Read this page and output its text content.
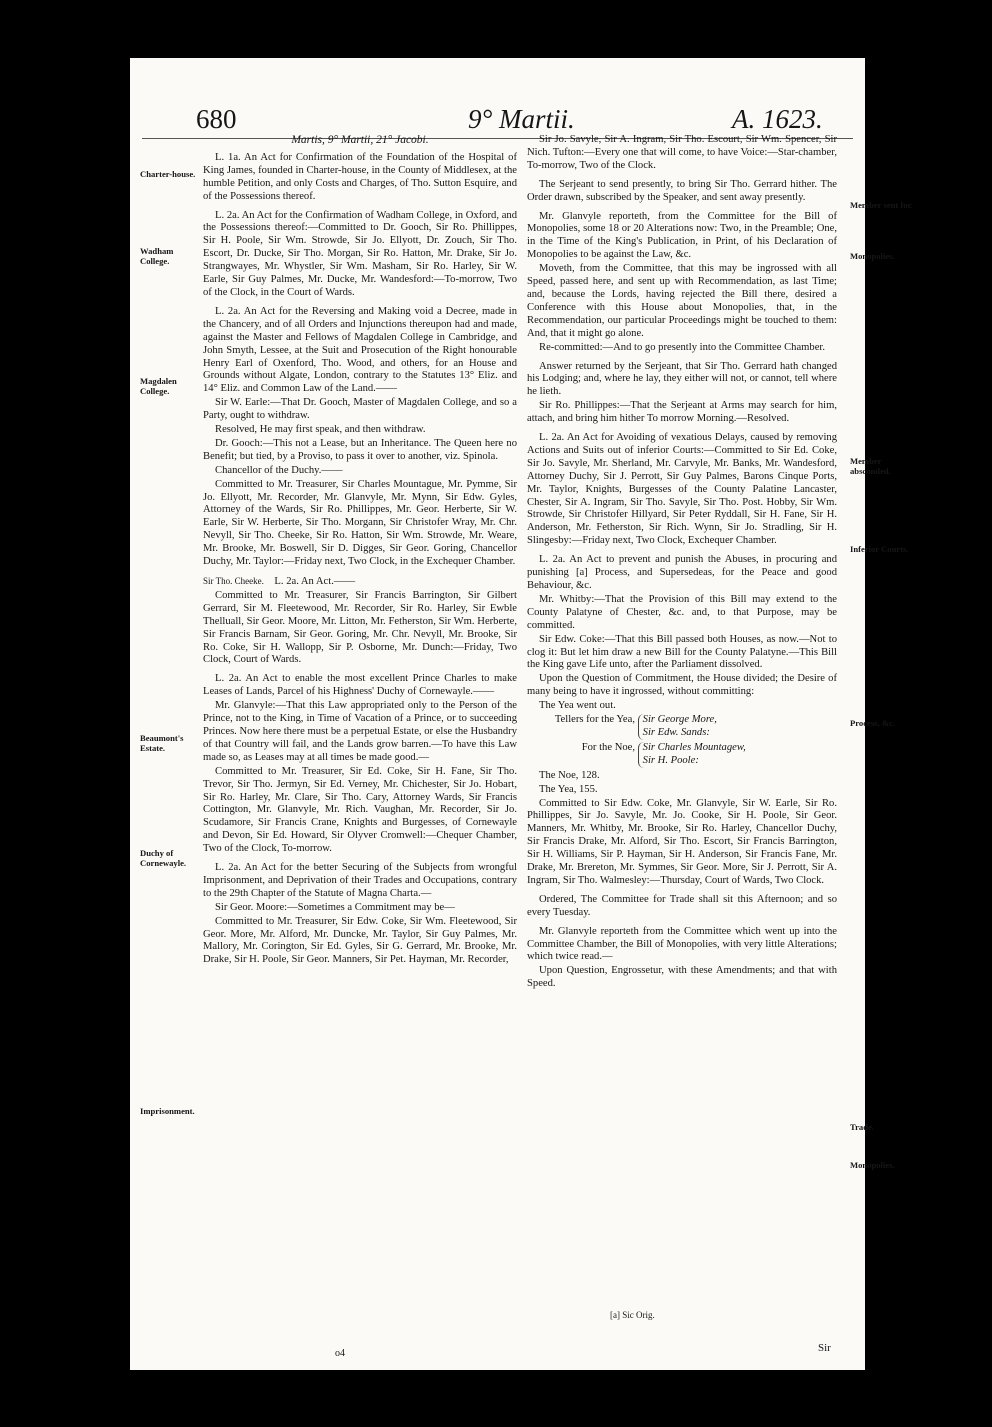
680	9° Martii.	A. 1623.
Charter-house.
Wadham College.
Magdalen College.
Beaumont's Estate.
Duchy of Cornewayle.
Imprisonment.
Member sent for.
Monopolies.
Member absconded.
Inferior Courts.
Process, &c.
Trade.
Monopolies.

Martis, 9° Martii, 21° Jacobi.

L. 1a. An Act for Confirmation of the Foundation of the Hospital of King James, founded in Charter-house, in the County of Middlesex, at the humble Petition, and only Costs and Charges, of Tho. Sutton Esquire, and of the Possessions thereof.

L. 2a. An Act for the Confirmation of Wadham College, in Oxford, and the Possessions thereof:—Committed to Dr. Gooch, Sir Ro. Phillippes, Sir H. Poole, Sir Wm. Strowde, Sir Jo. Ellyott, Dr. Zouch, Sir Tho. Escort, Dr. Ducke, Sir Tho. Morgan, Sir Ro. Hatton, Mr. Drake, Sir Jo. Strangwayes, Mr. Whystler, Sir Wm. Masham, Sir Ro. Harley, Sir W. Earle, Sir Guy Palmes, Mr. Ducke, Mr. Wandesford:—To-morrow, Two of the Clock, in the Court of Wards.

L. 2a. An Act for the Reversing and Making void a Decree, made in the Chancery, and of all Orders and Injunctions thereupon had and made, against the Master and Fellows of Magdalen College in Cambridge, and John Smyth, Lessee, at the Suit and Prosecution of the Right honourable Henry Earl of Oxenford, Tho. Wood, and others, for an House and Grounds without Algate, London, contrary to the Statutes 13° Eliz. and 14° Eliz. and Common Law of the Land.——

Sir W. Earle:—That Dr. Gooch, Master of Magdalen College, and so a Party, ought to withdraw.

Resolved, He may first speak, and then withdraw.

Dr. Gooch:—This not a Lease, but an Inheritance. The Queen here no Benefit; but tied, by a Proviso, to pass it over to another, viz. Spinola.

Chancellor of the Duchy.——

Committed to Mr. Treasurer, Sir Charles Mountague, Mr. Pymme, Sir Jo. Ellyott, Mr. Recorder, Mr. Glanvyle, Mr. Mynn, Sir Edw. Gyles, Attorney of the Wards, Sir Ro. Phillippes, Mr. Geor. Herberte, Sir W. Earle, Sir W. Herberte, Sir Tho. Morgann, Sir Christofer Wray, Mr. Chr. Nevyll, Sir Tho. Cheeke, Sir Ro. Hatton, Sir Wm. Strowde, Mr. Weare, Mr. Brooke, Mr. Boswell, Sir D. Digges, Sir Geor. Goring, Chancellor Duchy, Mr. Taylor:—Friday next, Two Clock, in the Exchequer Chamber.

Sir Tho. Cheeke. L. 2a. An Act.——

Committed to Mr. Treasurer, Sir Francis Barrington, Sir Gilbert Gerrard, Sir M. Fleetewood, Mr. Recorder, Sir Ro. Harley, Sir Ewble Thelluall, Sir Geor. Moore, Mr. Litton, Mr. Fetherston, Sir Wm. Herberte, Sir Francis Barnam, Sir Geor. Goring, Mr. Chr. Nevyll, Mr. Brooke, Sir Ro. Coke, Sir H. Wallopp, Sir P. Osborne, Mr. Dunch:—Friday, Two Clock, Court of Wards.

L. 2a. An Act to enable the most excellent Prince Charles to make Leases of Lands, Parcel of his Highness' Duchy of Cornewayle.——

Mr. Glanvyle:—That this Law appropriated only to the Person of the Prince, not to the King, in Time of Vacation of a Prince, or to succeeding Princes. Now here there must be a perpetual Estate, or else the Husbandry of that Country will fail, and the Lands grow barren.—To have this Law made so, as Leases may at all times be made good.—

Committed to Mr. Treasurer, Sir Ed. Coke, Sir H. Fane, Sir Tho. Trevor, Sir Tho. Jermyn, Sir Ed. Verney, Mr. Chichester, Sir Jo. Hobart, Sir Ro. Harley, Mr. Clare, Sir Tho. Cary, Attorney Wards, Sir Francis Cottington, Mr. Glanvyle, Mr. Rich. Vaughan, Mr. Recorder, Sir Jo. Scudamore, Sir Francis Crane, Knights and Burgesses, of Cornewayle and Devon, Sir Ed. Howard, Sir Olyver Cromwell:—Chequer Chamber, Two of the Clock, To-morrow.

L. 2a. An Act for the better Securing of the Subjects from wrongful Imprisonment, and Deprivation of their Trades and Occupations, contrary to the 29th Chapter of the Statute of Magna Charta.—

Sir Geor. Moore:—Sometimes a Commitment may be—

Committed to Mr. Treasurer, Sir Edw. Coke, Sir Wm. Fleetewood, Sir Geor. More, Mr. Alford, Mr. Duncke, Mr. Taylor, Sir Guy Palmes, Mr. Mallory, Mr. Corington, Sir Ed. Gyles, Sir G. Gerrard, Mr. Brooke, Mr. Drake, Sir H. Poole, Sir Geor. Manners, Sir Pet. Hayman, Mr. Recorder,

Sir Jo. Savyle, Sir A. Ingram, Sir Tho. Escourt, Sir Wm. Spencer, Sir Nich. Tufton:—Every one that will come, to have Voice:—Star-chamber, To-morrow, Two of the Clock.

The Serjeant to send presently, to bring Sir Tho. Gerrard hither. The Order drawn, subscribed by the Speaker, and sent away presently.

Mr. Glanvyle reporteth, from the Committee for the Bill of Monopolies, some 18 or 20 Alterations now: Two, in the Preamble; One, in the Time of the King's Publication, in Print, of his Declaration of Monopolies to be against the Law, &c.

Moveth, from the Committee, that this may be ingrossed with all Speed, passed here, and sent up with Recommendation, as last Time; and, because the Lords, having rejected the Bill there, desired a Conference with this House about Monopolies, that, in the Recommendation, our particular Proceedings might be touched to them: And, that it might go alone.

Re-committed:—And to go presently into the Committee Chamber.

Answer returned by the Serjeant, that Sir Tho. Gerrard hath changed his Lodging; and, where he lay, they either will not, or cannot, tell where he lieth.

Sir Ro. Phillippes:—That the Serjeant at Arms may search for him, attach, and bring him hither To morrow Morning.—Resolved.

L. 2a. An Act for Avoiding of vexatious Delays, caused by removing Actions and Suits out of inferior Courts:—Committed to Sir Ed. Coke, Sir Jo. Savyle, Mr. Sherland, Mr. Carvyle, Mr. Banks, Mr. Wandesford, Attorney Duchy, Sir J. Perrott, Sir Guy Palmes, Barons Cinque Ports, Mr. Taylor, Knights, Burgesses of the County Palatine Lancaster, Chester, Sir A. Ingram, Sir Tho. Savyle, Sir Tho. Post. Hobby, Sir Wm. Strowde, Sir Christofer Hillyard, Sir Peter Ryddall, Sir H. Fane, Sir H. Anderson, Mr. Fetherston, Sir Rich. Wynn, Sir Jo. Stradling, Sir H. Slingesby:—Friday next, Two Clock, Exchequer Chamber.

L. 2a. An Act to prevent and punish the Abuses, in procuring and punishing [a] Process, and Supersedeas, for the Peace and good Behaviour, &c.

Mr. Whitby:—That the Provision of this Bill may extend to the County Palatyne of Chester, &c. and, to that Purpose, may be committed.

Sir Edw. Coke:—That this Bill passed both Houses, as now.—Not to clog it: But let him draw a new Bill for the County Palatyne.—This Bill the King gave Life unto, after the Parliament dissolved.

Upon the Question of Commitment, the House divided; the Desire of many being to have it ingrossed, without committing:

The Yea went out.

Tellers for the Yea, Sir George More,
Sir Edw. Sands:
For the Noe, Sir Charles Mountagew,
Sir H. Poole:

The Noe, 128.

The Yea, 155.

Committed to Sir Edw. Coke, Mr. Glanvyle, Sir W. Earle, Sir Ro. Phillippes, Sir Jo. Savyle, Mr. Jo. Cooke, Sir H. Poole, Sir Geor. Manners, Mr. Whitby, Mr. Brooke, Sir Ro. Harley, Chancellor Duchy, Sir Francis Drake, Mr. Alford, Sir Tho. Escort, Sir Francis Barrington, Sir H. Williams, Sir P. Hayman, Sir H. Anderson, Sir Francis Fane, Mr. Drake, Mr. Brereton, Mr. Symmes, Sir Geor. More, Sir J. Perrott, Sir A. Ingram, Sir Tho. Walmesley:—Thursday, Court of Wards, Two Clock.

Ordered, The Committee for Trade shall sit this Afternoon; and so every Tuesday.

Mr. Glanvyle reporteth from the Committee which went up into the Committee Chamber, the Bill of Monopolies, with very little Alterations; which twice read.—

Upon Question, Engrossetur, with these Amendments; and that with Speed.

[a] Sic Orig.
Sir
o4
